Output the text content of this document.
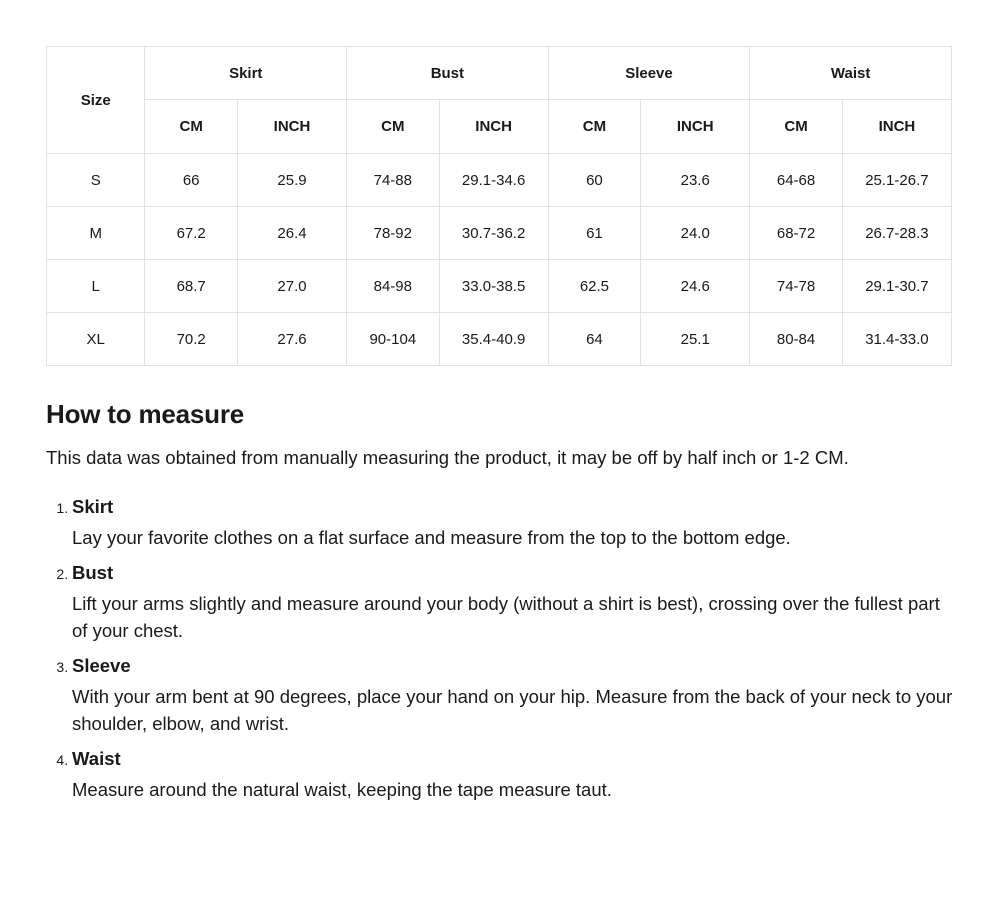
Size	Skirt		Bust		Sleeve		Waist	
	CM	INCH	CM	INCH	CM	INCH	CM	INCH
S	66	25.9	74-88	29.1-34.6	60	23.6	64-68	25.1-26.7
M	67.2	26.4	78-92	30.7-36.2	61	24.0	68-72	26.7-28.3
L	68.7	27.0	84-98	33.0-38.5	62.5	24.6	74-78	29.1-30.7
XL	70.2	27.6	90-104	35.4-40.9	64	25.1	80-84	31.4-33.0
How to measure

This data was obtained from manually measuring the product, it may be off by half inch or 1-2 CM.

1. Skirt
Lay your favorite clothes on a flat surface and measure from the top to the bottom edge.
2. Bust
Lift your arms slightly and measure around your body (without a shirt is best), crossing over the fullest part of your chest.
3. Sleeve
With your arm bent at 90 degrees, place your hand on your hip. Measure from the back of your neck to your shoulder, elbow, and wrist.
4. Waist
Measure around the natural waist, keeping the tape measure taut.
